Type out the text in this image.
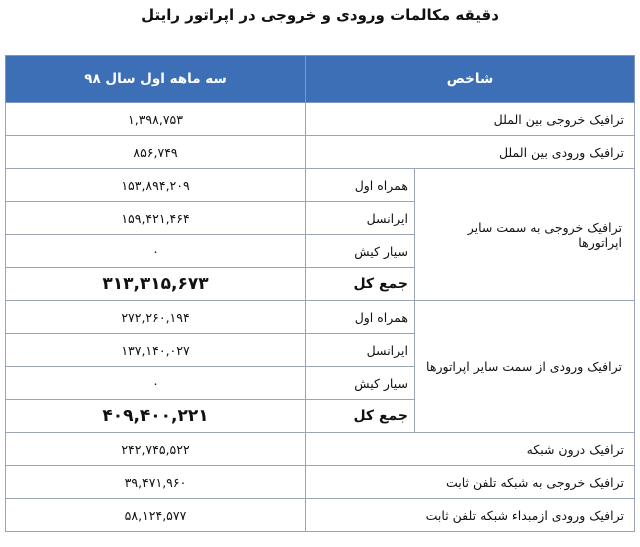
دقیقه مکالمات ورودی و خروجی در اپراتور رایتل
سه ماهه اول سال ۹۸	شاخص	
۱,۳۹۸,۷۵۳	ترافیک خروجی بین الملل	
۸۵۶,۷۴۹	ترافیک ورودی بین الملل	
۱۵۳,۸۹۴,۲۰۹	همراه اول	ترافیک خروجی به سمت سایر اپراتورها
۱۵۹,۴۲۱,۴۶۴	ایرانسل	
۰	سیار کیش	
۳۱۳,۳۱۵,۶۷۳	جمع کل	
۲۷۲,۲۶۰,۱۹۴	همراه اول	ترافیک ورودی از سمت سایر اپراتورها
۱۳۷,۱۴۰,۰۲۷	ایرانسل	
۰	سیار کیش	
۴۰۹,۴۰۰,۲۲۱	جمع کل	
۲۴۲,۷۴۵,۵۲۲	ترافیک درون شبکه	
۳۹,۴۷۱,۹۶۰	ترافیک خروجی به شبکه تلفن ثابت	
۵۸,۱۲۴,۵۷۷	ترافیک ورودی ازمبداء شبکه تلفن ثابت	
